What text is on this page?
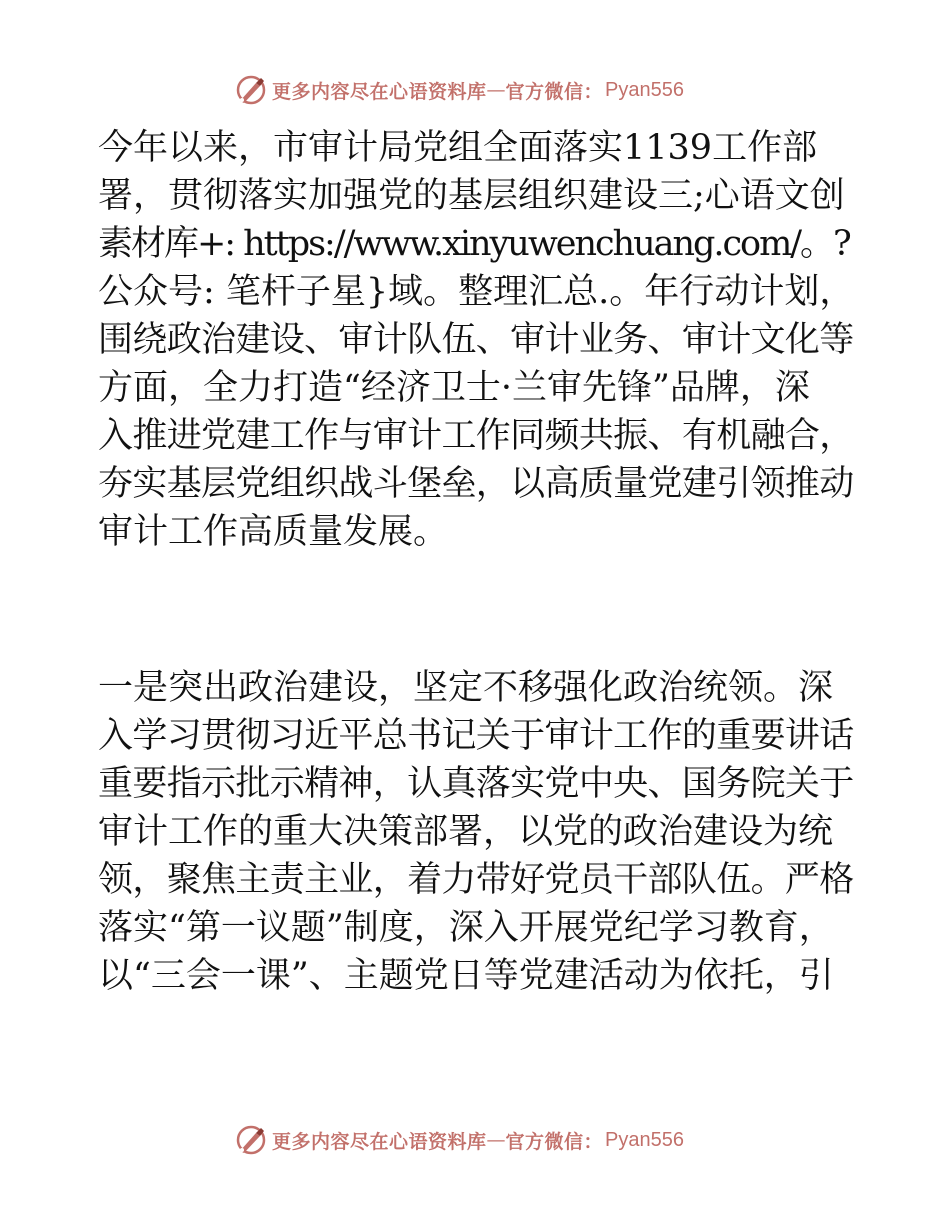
更多内容尽在心语资料库 — 官方微信： Pyan556
今年以来，市审计局党组全面落实1139工作部
署，贯彻落实加强党的基层组织建设三;心语文创
素材库+: https://www.xinyuwenchuang.com/。?
公众号: 笔杆子星}域。整理汇总.。年行动计划，
围绕政治建设、审计队伍、审计业务、审计文化等
方面，全力打造“经济卫士·兰审先锋”品牌，深
入推进党建工作与审计工作同频共振、有机融合，
夯实基层党组织战斗堡垒，以高质量党建引领推动
审计工作高质量发展。
一是突出政治建设，坚定不移强化政治统领。深
入学习贯彻习近平总书记关于审计工作的重要讲话
重要指示批示精神，认真落实党中央、国务院关于
审计工作的重大决策部署，以党的政治建设为统
领，聚焦主责主业，着力带好党员干部队伍。严格
落实“第一议题”制度，深入开展党纪学习教育，
以“三会一课”、主题党日等党建活动为依托，引
更多内容尽在心语资料库 — 官方微信： Pyan556
